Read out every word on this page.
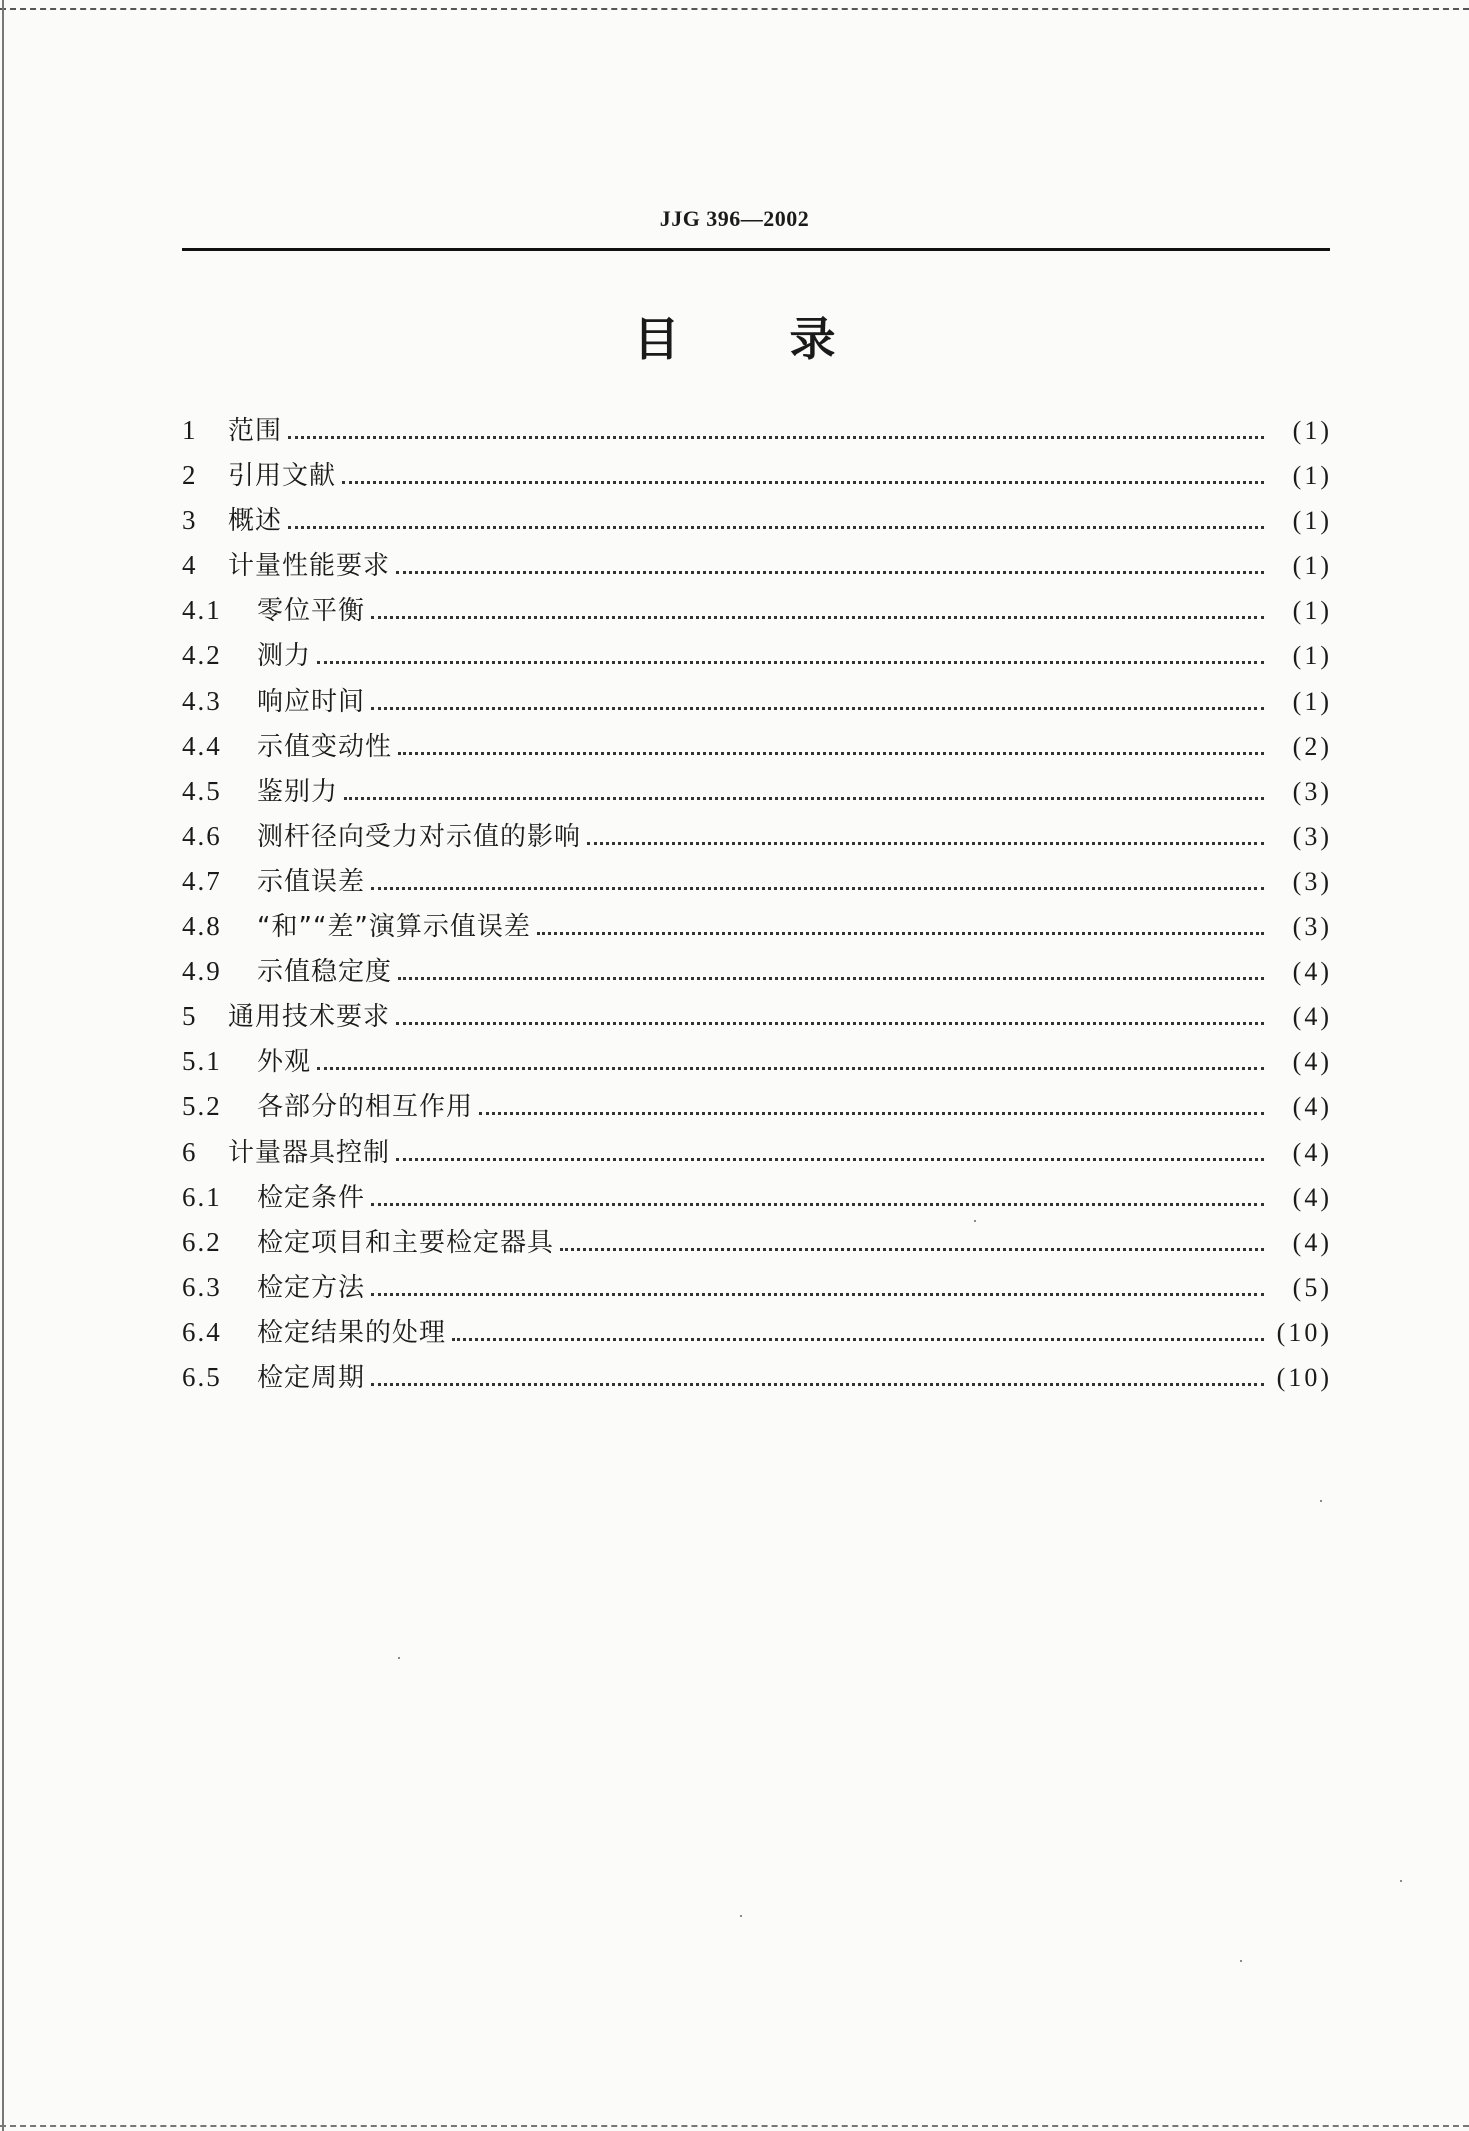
JJG 396—2002
目录
1	范围	(1)
2	引用文献	(1)
3	概述	(1)
4	计量性能要求	(1)
4.1	零位平衡	(1)
4.2	测力	(1)
4.3	响应时间	(1)
4.4	示值变动性	(2)
4.5	鉴别力	(3)
4.6	测杆径向受力对示值的影响	(3)
4.7	示值误差	(3)
4.8	“和”“差”演算示值误差	(3)
4.9	示值稳定度	(4)
5	通用技术要求	(4)
5.1	外观	(4)
5.2	各部分的相互作用	(4)
6	计量器具控制	(4)
6.1	检定条件	(4)
6.2	检定项目和主要检定器具	(4)
6.3	检定方法	(5)
6.4	检定结果的处理	(10)
6.5	检定周期	(10)
